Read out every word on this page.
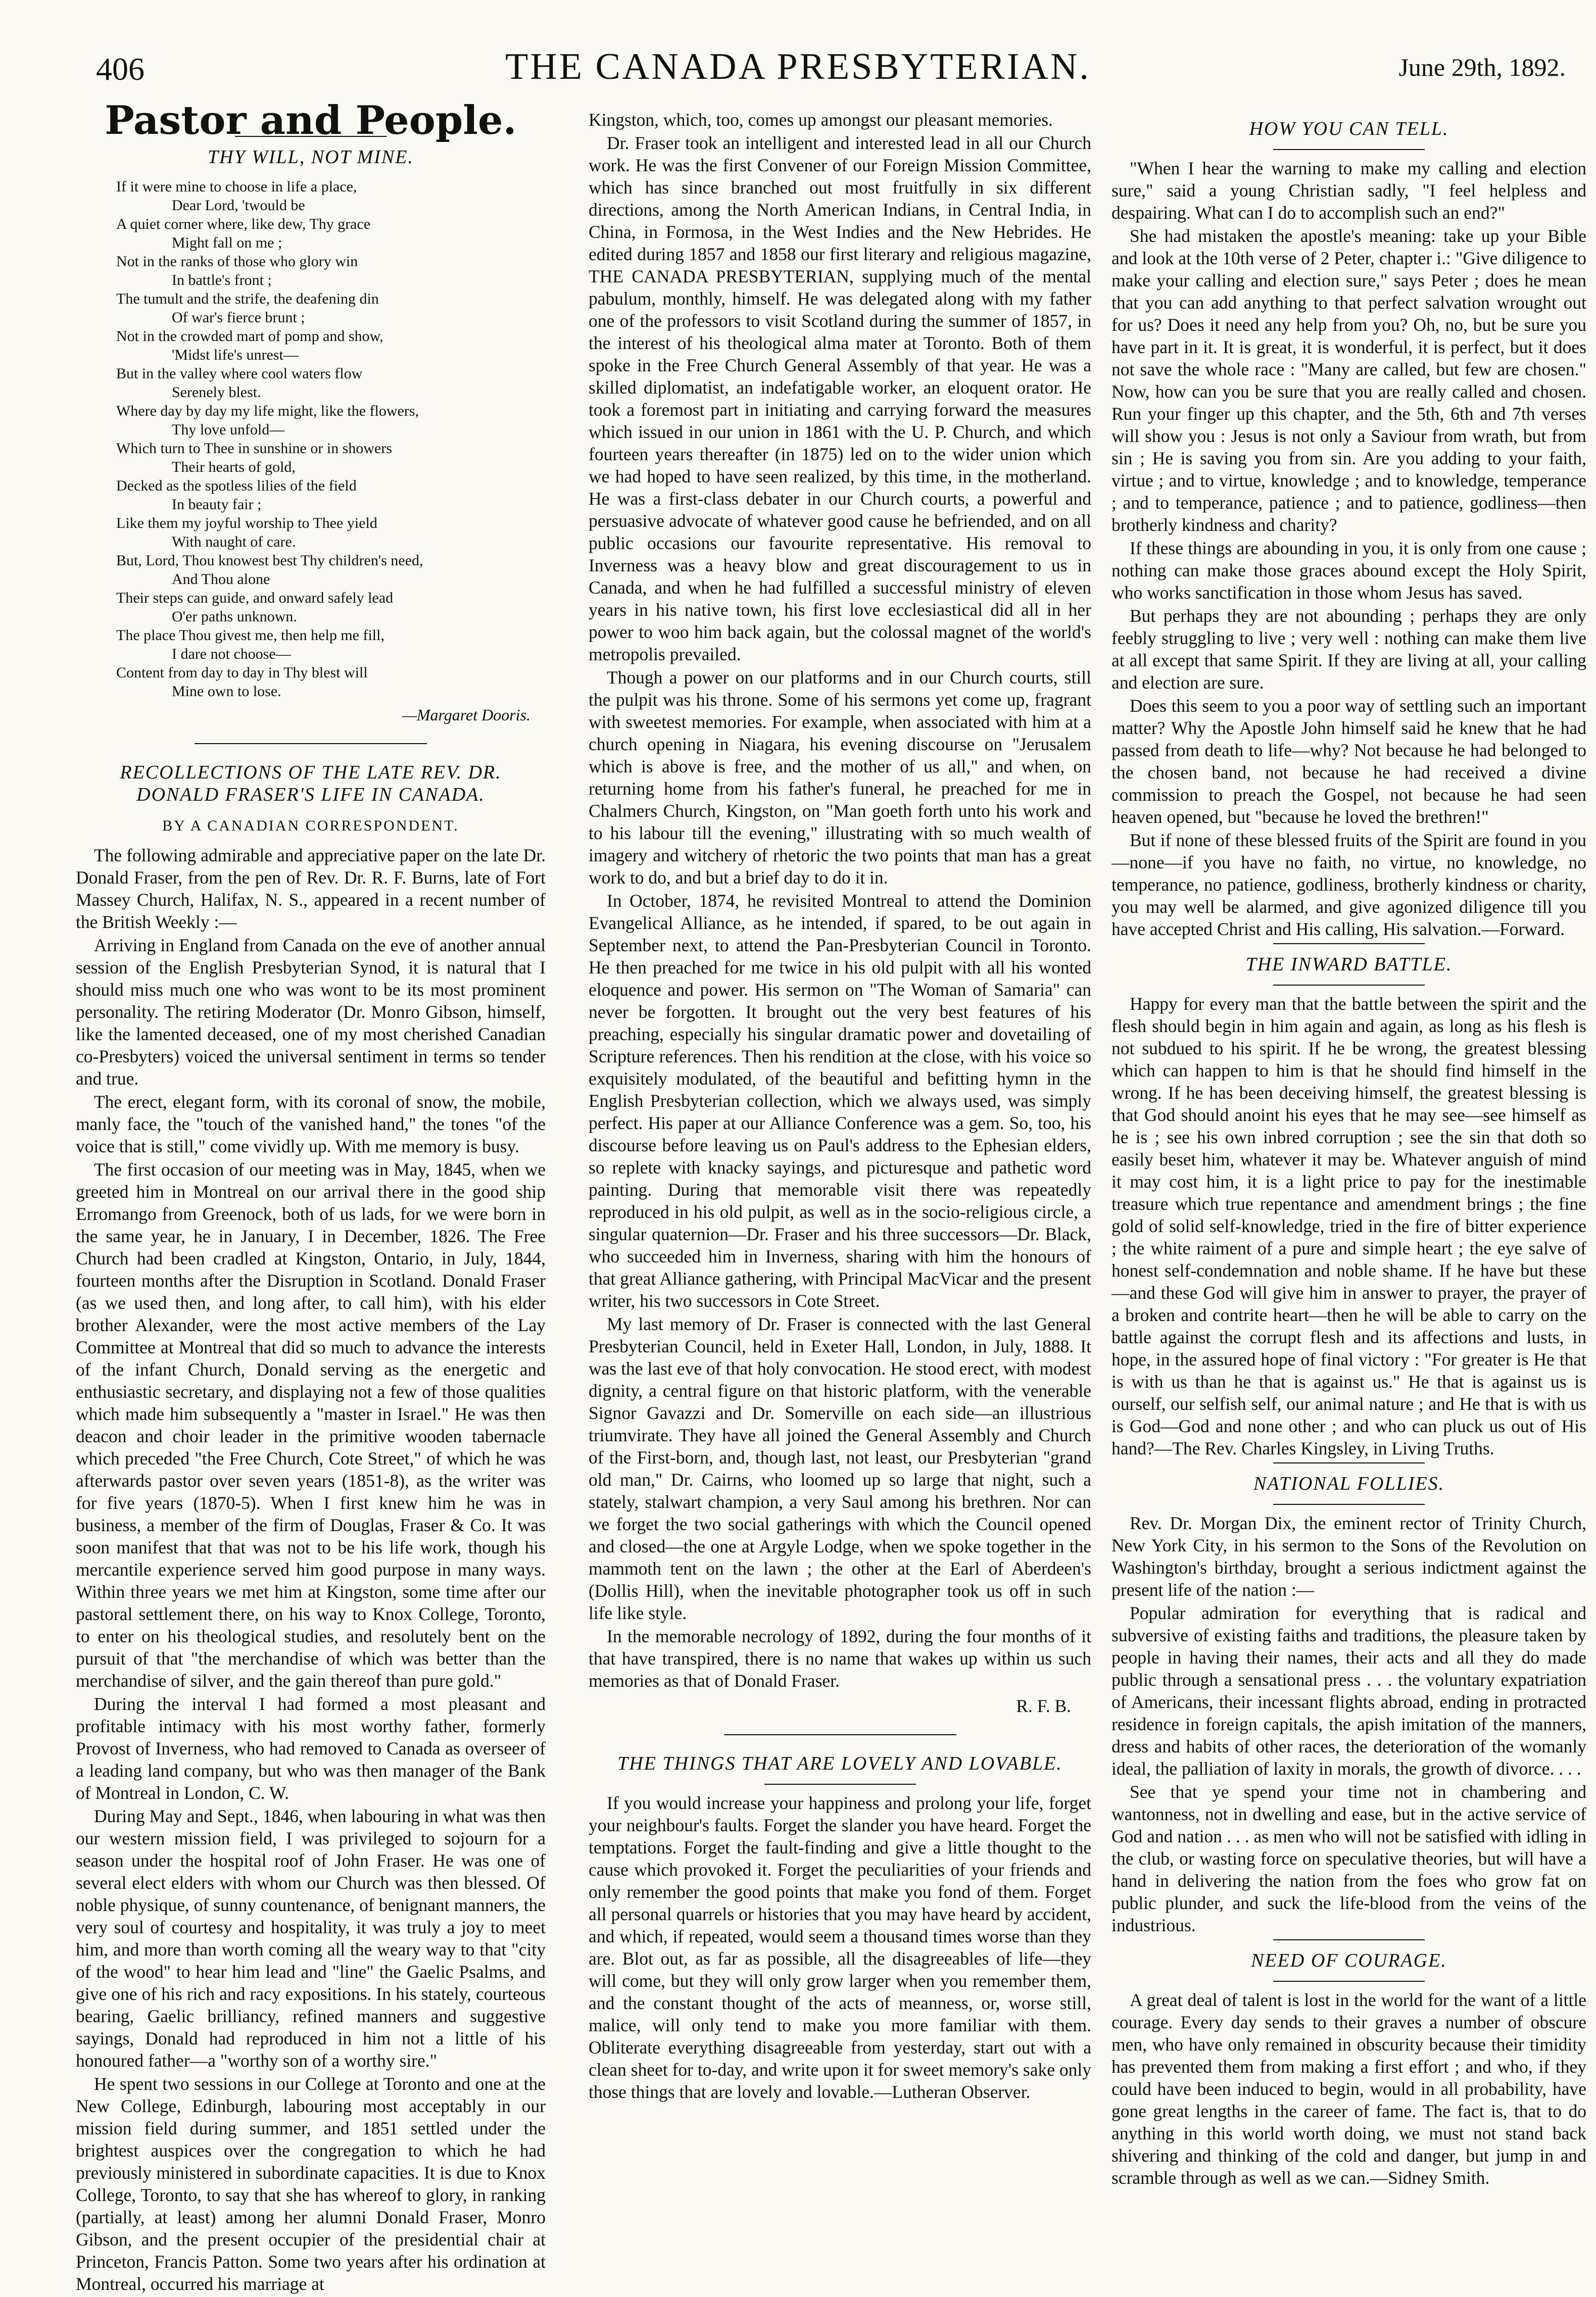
406	THE CANADA PRESBYTERIAN.	June 29th, 1892.
Pastor and People.
THY WILL, NOT MINE.
If it were mine to choose in life a place,
Dear Lord, 'twould be
A quiet corner where, like dew, Thy grace
Might fall on me ;
Not in the ranks of those who glory win
In battle's front ;
The tumult and the strife, the deafening din
Of war's fierce brunt ;
Not in the crowded mart of pomp and show,
'Midst life's unrest—
But in the valley where cool waters flow
Serenely blest.
Where day by day my life might, like the flowers,
Thy love unfold—
Which turn to Thee in sunshine or in showers
Their hearts of gold,
Decked as the spotless lilies of the field
In beauty fair ;
Like them my joyful worship to Thee yield
With naught of care.
But, Lord, Thou knowest best Thy children's need,
And Thou alone
Their steps can guide, and onward safely lead
O'er paths unknown.
The place Thou givest me, then help me fill,
I dare not choose—
Content from day to day in Thy blest will
Mine own to lose.
—Margaret Dooris.
RECOLLECTIONS OF THE LATE REV. DR. DONALD FRASER'S LIFE IN CANADA.
BY A CANADIAN CORRESPONDENT.

The following admirable and appreciative paper on the late Dr. Donald Fraser, from the pen of Rev. Dr. R. F. Burns, late of Fort Massey Church, Halifax, N. S., appeared in a recent number of the British Weekly :—

Arriving in England from Canada on the eve of another annual session of the English Presbyterian Synod, it is natural that I should miss much one who was wont to be its most prominent personality. The retiring Moderator (Dr. Monro Gibson, himself, like the lamented deceased, one of my most cherished Canadian co-Presbyters) voiced the universal sentiment in terms so tender and true.

The erect, elegant form, with its coronal of snow, the mobile, manly face, the "touch of the vanished hand," the tones "of the voice that is still," come vividly up. With me memory is busy.

The first occasion of our meeting was in May, 1845, when we greeted him in Montreal on our arrival there in the good ship Erromango from Greenock, both of us lads, for we were born in the same year, he in January, I in December, 1826. The Free Church had been cradled at Kingston, Ontario, in July, 1844, fourteen months after the Disruption in Scotland. Donald Fraser (as we used then, and long after, to call him), with his elder brother Alexander, were the most active members of the Lay Committee at Montreal that did so much to advance the interests of the infant Church, Donald serving as the energetic and enthusiastic secretary, and displaying not a few of those qualities which made him subsequently a "master in Israel." He was then deacon and choir leader in the primitive wooden tabernacle which preceded "the Free Church, Cote Street," of which he was afterwards pastor over seven years (1851-8), as the writer was for five years (1870-5). When I first knew him he was in business, a member of the firm of Douglas, Fraser & Co. It was soon manifest that that was not to be his life work, though his mercantile experience served him good purpose in many ways. Within three years we met him at Kingston, some time after our pastoral settlement there, on his way to Knox College, Toronto, to enter on his theological studies, and resolutely bent on the pursuit of that "the merchandise of which was better than the merchandise of silver, and the gain thereof than pure gold."

During the interval I had formed a most pleasant and profitable intimacy with his most worthy father, formerly Provost of Inverness, who had removed to Canada as overseer of a leading land company, but who was then manager of the Bank of Montreal in London, C. W.

During May and Sept., 1846, when labouring in what was then our western mission field, I was privileged to sojourn for a season under the hospital roof of John Fraser. He was one of several elect elders with whom our Church was then blessed. Of noble physique, of sunny countenance, of benignant manners, the very soul of courtesy and hospitality, it was truly a joy to meet him, and more than worth coming all the weary way to that "city of the wood" to hear him lead and "line" the Gaelic Psalms, and give one of his rich and racy expositions. In his stately, courteous bearing, Gaelic brilliancy, refined manners and suggestive sayings, Donald had reproduced in him not a little of his honoured father—a "worthy son of a worthy sire."

He spent two sessions in our College at Toronto and one at the New College, Edinburgh, labouring most acceptably in our mission field during summer, and 1851 settled under the brightest auspices over the congregation to which he had previously ministered in subordinate capacities. It is due to Knox College, Toronto, to say that she has whereof to glory, in ranking (partially, at least) among her alumni Donald Fraser, Monro Gibson, and the present occupier of the presidential chair at Princeton, Francis Patton. Some two years after his ordination at Montreal, occurred his marriage at

Kingston, which, too, comes up amongst our pleasant memories.

Dr. Fraser took an intelligent and interested lead in all our Church work. He was the first Convener of our Foreign Mission Committee, which has since branched out most fruitfully in six different directions, among the North American Indians, in Central India, in China, in Formosa, in the West Indies and the New Hebrides. He edited during 1857 and 1858 our first literary and religious magazine, THE CANADA PRESBYTERIAN, supplying much of the mental pabulum, monthly, himself. He was delegated along with my father one of the professors to visit Scotland during the summer of 1857, in the interest of his theological alma mater at Toronto. Both of them spoke in the Free Church General Assembly of that year. He was a skilled diplomatist, an indefatigable worker, an eloquent orator. He took a foremost part in initiating and carrying forward the measures which issued in our union in 1861 with the U. P. Church, and which fourteen years thereafter (in 1875) led on to the wider union which we had hoped to have seen realized, by this time, in the motherland. He was a first-class debater in our Church courts, a powerful and persuasive advocate of whatever good cause he befriended, and on all public occasions our favourite representative. His removal to Inverness was a heavy blow and great discouragement to us in Canada, and when he had fulfilled a successful ministry of eleven years in his native town, his first love ecclesiastical did all in her power to woo him back again, but the colossal magnet of the world's metropolis prevailed.

Though a power on our platforms and in our Church courts, still the pulpit was his throne. Some of his sermons yet come up, fragrant with sweetest memories. For example, when associated with him at a church opening in Niagara, his evening discourse on "Jerusalem which is above is free, and the mother of us all," and when, on returning home from his father's funeral, he preached for me in Chalmers Church, Kingston, on "Man goeth forth unto his work and to his labour till the evening," illustrating with so much wealth of imagery and witchery of rhetoric the two points that man has a great work to do, and but a brief day to do it in.

In October, 1874, he revisited Montreal to attend the Dominion Evangelical Alliance, as he intended, if spared, to be out again in September next, to attend the Pan-Presbyterian Council in Toronto. He then preached for me twice in his old pulpit with all his wonted eloquence and power. His sermon on "The Woman of Samaria" can never be forgotten. It brought out the very best features of his preaching, especially his singular dramatic power and dovetailing of Scripture references. Then his rendition at the close, with his voice so exquisitely modulated, of the beautiful and befitting hymn in the English Presbyterian collection, which we always used, was simply perfect. His paper at our Alliance Conference was a gem. So, too, his discourse before leaving us on Paul's address to the Ephesian elders, so replete with knacky sayings, and picturesque and pathetic word painting. During that memorable visit there was repeatedly reproduced in his old pulpit, as well as in the socio-religious circle, a singular quaternion—Dr. Fraser and his three successors—Dr. Black, who succeeded him in Inverness, sharing with him the honours of that great Alliance gathering, with Principal MacVicar and the present writer, his two successors in Cote Street.

My last memory of Dr. Fraser is connected with the last General Presbyterian Council, held in Exeter Hall, London, in July, 1888. It was the last eve of that holy convocation. He stood erect, with modest dignity, a central figure on that historic platform, with the venerable Signor Gavazzi and Dr. Somerville on each side—an illustrious triumvirate. They have all joined the General Assembly and Church of the First-born, and, though last, not least, our Presbyterian "grand old man," Dr. Cairns, who loomed up so large that night, such a stately, stalwart champion, a very Saul among his brethren. Nor can we forget the two social gatherings with which the Council opened and closed—the one at Argyle Lodge, when we spoke together in the mammoth tent on the lawn ; the other at the Earl of Aberdeen's (Dollis Hill), when the inevitable photographer took us off in such life like style.

In the memorable necrology of 1892, during the four months of it that have transpired, there is no name that wakes up within us such memories as that of Donald Fraser.

R. F. B.
THE THINGS THAT ARE LOVELY AND LOVABLE.

If you would increase your happiness and prolong your life, forget your neighbour's faults. Forget the slander you have heard. Forget the temptations. Forget the fault-finding and give a little thought to the cause which provoked it. Forget the peculiarities of your friends and only remember the good points that make you fond of them. Forget all personal quarrels or histories that you may have heard by accident, and which, if repeated, would seem a thousand times worse than they are. Blot out, as far as possible, all the disagreeables of life—they will come, but they will only grow larger when you remember them, and the constant thought of the acts of meanness, or, worse still, malice, will only tend to make you more familiar with them. Obliterate everything disagreeable from yesterday, start out with a clean sheet for to-day, and write upon it for sweet memory's sake only those things that are lovely and lovable.—Lutheran Observer.

HOW YOU CAN TELL.

"When I hear the warning to make my calling and election sure," said a young Christian sadly, "I feel helpless and despairing. What can I do to accomplish such an end?"

She had mistaken the apostle's meaning: take up your Bible and look at the 10th verse of 2 Peter, chapter i.: "Give diligence to make your calling and election sure," says Peter ; does he mean that you can add anything to that perfect salvation wrought out for us? Does it need any help from you? Oh, no, but be sure you have part in it. It is great, it is wonderful, it is perfect, but it does not save the whole race : "Many are called, but few are chosen." Now, how can you be sure that you are really called and chosen. Run your finger up this chapter, and the 5th, 6th and 7th verses will show you : Jesus is not only a Saviour from wrath, but from sin ; He is saving you from sin. Are you adding to your faith, virtue ; and to virtue, knowledge ; and to knowledge, temperance ; and to temperance, patience ; and to patience, godliness—then brotherly kindness and charity?

If these things are abounding in you, it is only from one cause ; nothing can make those graces abound except the Holy Spirit, who works sanctification in those whom Jesus has saved.

But perhaps they are not abounding ; perhaps they are only feebly struggling to live ; very well : nothing can make them live at all except that same Spirit. If they are living at all, your calling and election are sure.

Does this seem to you a poor way of settling such an important matter? Why the Apostle John himself said he knew that he had passed from death to life—why? Not because he had belonged to the chosen band, not because he had received a divine commission to preach the Gospel, not because he had seen heaven opened, but "because he loved the brethren!"

But if none of these blessed fruits of the Spirit are found in you—none—if you have no faith, no virtue, no knowledge, no temperance, no patience, godliness, brotherly kindness or charity, you may well be alarmed, and give agonized diligence till you have accepted Christ and His calling, His salvation.—Forward.

THE INWARD BATTLE.

Happy for every man that the battle between the spirit and the flesh should begin in him again and again, as long as his flesh is not subdued to his spirit. If he be wrong, the greatest blessing which can happen to him is that he should find himself in the wrong. If he has been deceiving himself, the greatest blessing is that God should anoint his eyes that he may see—see himself as he is ; see his own inbred corruption ; see the sin that doth so easily beset him, whatever it may be. Whatever anguish of mind it may cost him, it is a light price to pay for the inestimable treasure which true repentance and amendment brings ; the fine gold of solid self-knowledge, tried in the fire of bitter experience ; the white raiment of a pure and simple heart ; the eye salve of honest self-condemnation and noble shame. If he have but these—and these God will give him in answer to prayer, the prayer of a broken and contrite heart—then he will be able to carry on the battle against the corrupt flesh and its affections and lusts, in hope, in the assured hope of final victory : "For greater is He that is with us than he that is against us." He that is against us is ourself, our selfish self, our animal nature ; and He that is with us is God—God and none other ; and who can pluck us out of His hand?—The Rev. Charles Kingsley, in Living Truths.

NATIONAL FOLLIES.

Rev. Dr. Morgan Dix, the eminent rector of Trinity Church, New York City, in his sermon to the Sons of the Revolution on Washington's birthday, brought a serious indictment against the present life of the nation :—

Popular admiration for everything that is radical and subversive of existing faiths and traditions, the pleasure taken by people in having their names, their acts and all they do made public through a sensational press . . . the voluntary expatriation of Americans, their incessant flights abroad, ending in protracted residence in foreign capitals, the apish imitation of the manners, dress and habits of other races, the deterioration of the womanly ideal, the palliation of laxity in morals, the growth of divorce. . . .

See that ye spend your time not in chambering and wantonness, not in dwelling and ease, but in the active service of God and nation . . . as men who will not be satisfied with idling in the club, or wasting force on speculative theories, but will have a hand in delivering the nation from the foes who grow fat on public plunder, and suck the life-blood from the veins of the industrious.

NEED OF COURAGE.

A great deal of talent is lost in the world for the want of a little courage. Every day sends to their graves a number of obscure men, who have only remained in obscurity because their timidity has prevented them from making a first effort ; and who, if they could have been induced to begin, would in all probability, have gone great lengths in the career of fame. The fact is, that to do anything in this world worth doing, we must not stand back shivering and thinking of the cold and danger, but jump in and scramble through as well as we can.—Sidney Smith.
